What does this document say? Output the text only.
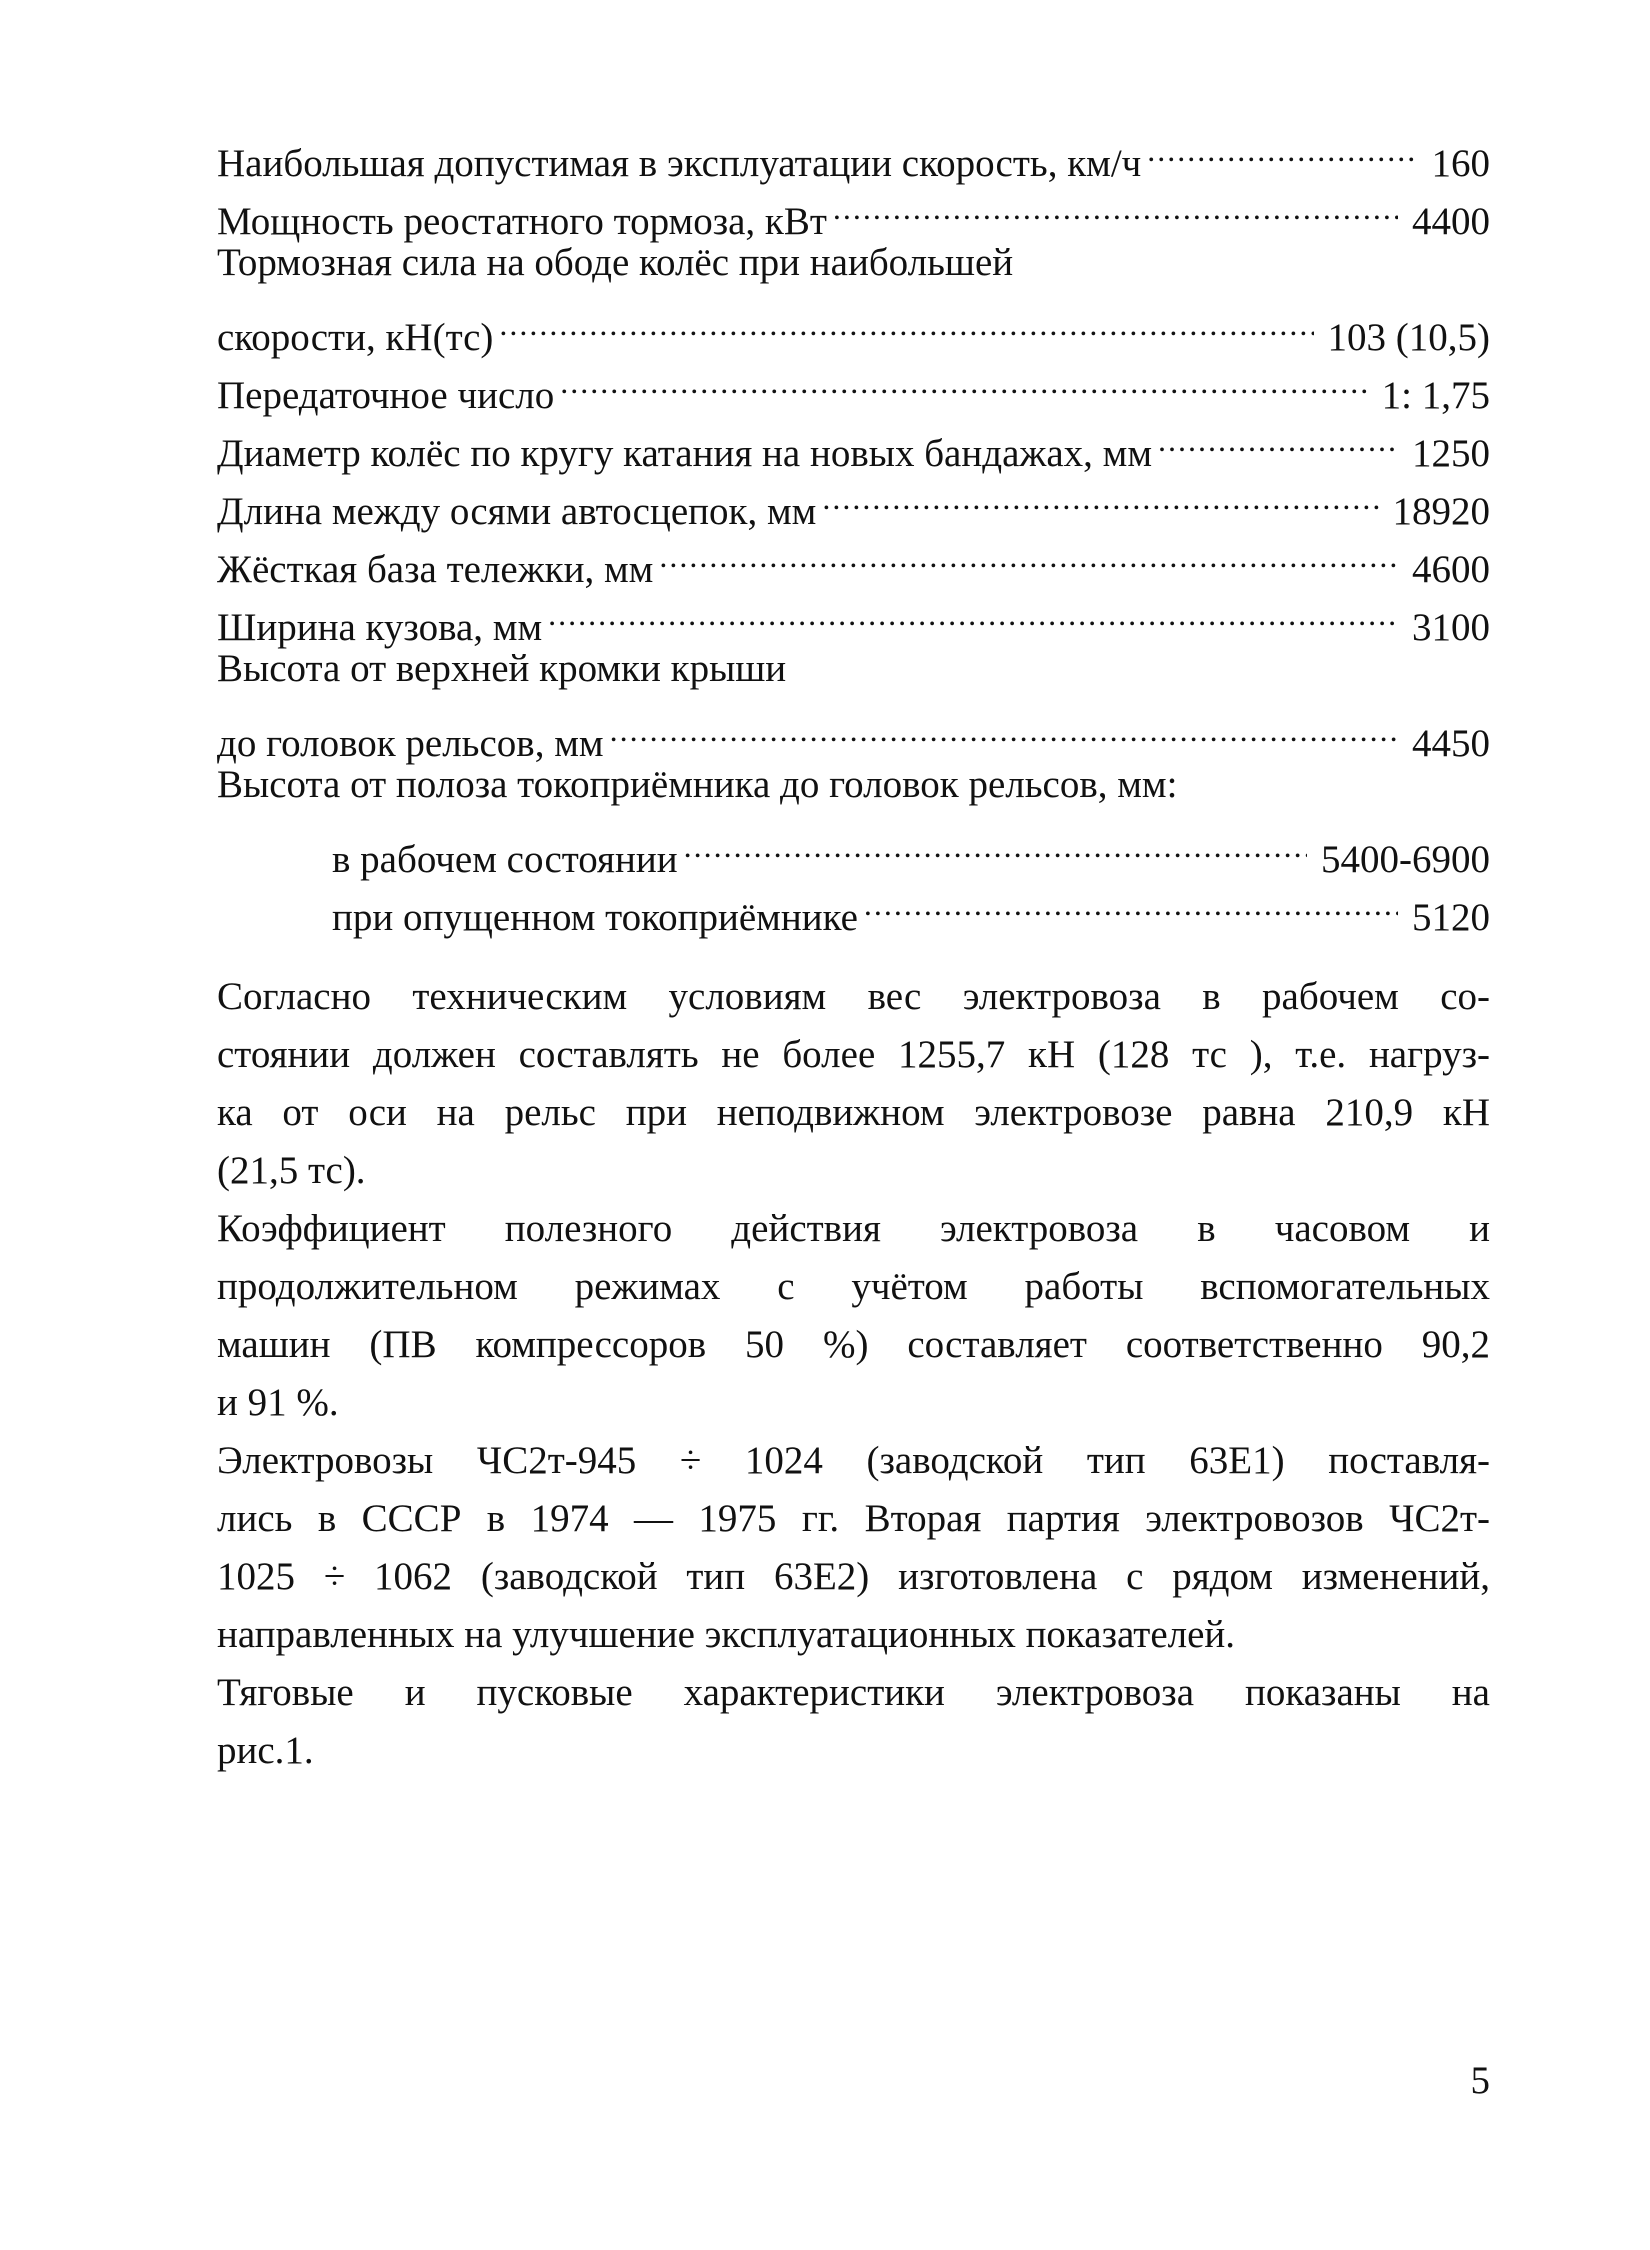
Наибольшая допустимая в эксплуатации скорость, км/ч .....	160
Мощность реостатного тормоза, кВт .....	4400
Тормозная сила на ободе колёс при наибольшей
скорости, кН(тс) .....	103 (10,5)
Передаточное число .....	1: 1,75
Диаметр колёс по кругу катания на новых бандажах, мм .....	1250
Длина между осями автосцепок, мм .....	18920
Жёсткая база тележки, мм .....	4600
Ширина кузова, мм .....	3100
Высота от верхней кромки крыши
до головок рельсов, мм .....	4450
Высота от полоза токоприёмника до головок рельсов, мм:
в рабочем состоянии .....	5400-6900
при опущенном токоприёмнике .....	5120

Согласно техническим условиям вес электровоза в рабочем со-
стоянии должен составлять не более 1255,7 кН (128 тс ), т.е. нагруз-
ка от оси на рельс при неподвижном электровозе равна 210,9 кН
(21,5 тс).

Коэффициент полезного действия электровоза в часовом и
продолжительном режимах с учётом работы вспомогательных
машин (ПВ компрессоров 50 %) составляет соответственно 90,2
и 91 %.

Электровозы ЧС2т-945 ÷ 1024 (заводской тип 63Е1) поставля-
лись в СССР в 1974 — 1975 гг. Вторая партия электровозов ЧС2т-
1025 ÷ 1062 (заводской тип 63Е2) изготовлена с рядом изменений,
направленных на улучшение эксплуатационных показателей.

Тяговые и пусковые характеристики электровоза показаны на
рис.1.

5
